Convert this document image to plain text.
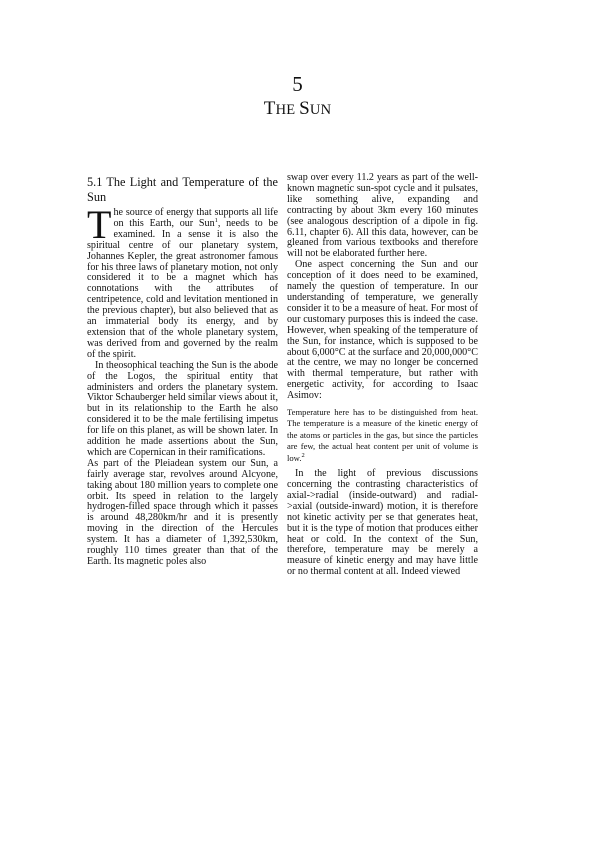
5
THE SUN
5.1 The Light and Temperature of the Sun

The source of energy that supports all life on this Earth, our Sun$^1$, needs to be examined. In a sense it is also the spiritual centre of our planetary system, Johannes Kepler, the great astronomer famous for his three laws of planetary motion, not only considered it to be a magnet which has connotations with the attributes of centripetence, cold and levitation mentioned in the previous chapter), but also believed that as an immaterial body its energy, and by extension that of the whole planetary system, was derived from and governed by the realm of the spirit.

In theosophical teaching the Sun is the abode of the Logos, the spiritual entity that administers and orders the planetary system. Viktor Schauberger held similar views about it, but in its relationship to the Earth he also considered it to be the male fertilising impetus for life on this planet, as will be shown later. In addition he made assertions about the Sun, which are Copernican in their ramifications.

As part of the Pleiadean system our Sun, a fairly average star, revolves around Alcyone, taking about 180 million years to complete one orbit. Its speed in relation to the largely hydrogen-filled space through which it passes is around 48,280km/hr and it is presently moving in the direction of the Hercules system. It has a diameter of 1,392,530km, roughly 110 times greater than that of the Earth. Its magnetic poles also

swap over every 11.2 years as part of the well-known magnetic sun-spot cycle and it pulsates, like something alive, expanding and contracting by about 3km every 160 minutes (see analogous description of a dipole in fig. 6.11, chapter 6). All this data, however, can be gleaned from various textbooks and therefore will not be elaborated further here.

One aspect concerning the Sun and our conception of it does need to be examined, namely the question of temperature. In our understanding of temperature, we generally consider it to be a measure of heat. For most of our customary purposes this is indeed the case. However, when speaking of the temperature of the Sun, for instance, which is supposed to be about 6,000°C at the surface and 20,000,000°C at the centre, we may no longer be concerned with thermal temperature, but rather with energetic activity, for according to Isaac Asimov:

Temperature here has to be distinguished from heat. The temperature is a measure of the kinetic energy of the atoms or particles in the gas, but since the particles are few, the actual heat content per unit of volume is low.$^2$

In the light of previous discussions concerning the contrasting characteristics of axial->radial (inside-outward) and radial->axial (outside-inward) motion, it is therefore not kinetic activity per se that generates heat, but it is the type of motion that produces either heat or cold. In the context of the Sun, therefore, temperature may be merely a measure of kinetic energy and may have little or no thermal content at all. Indeed viewed
